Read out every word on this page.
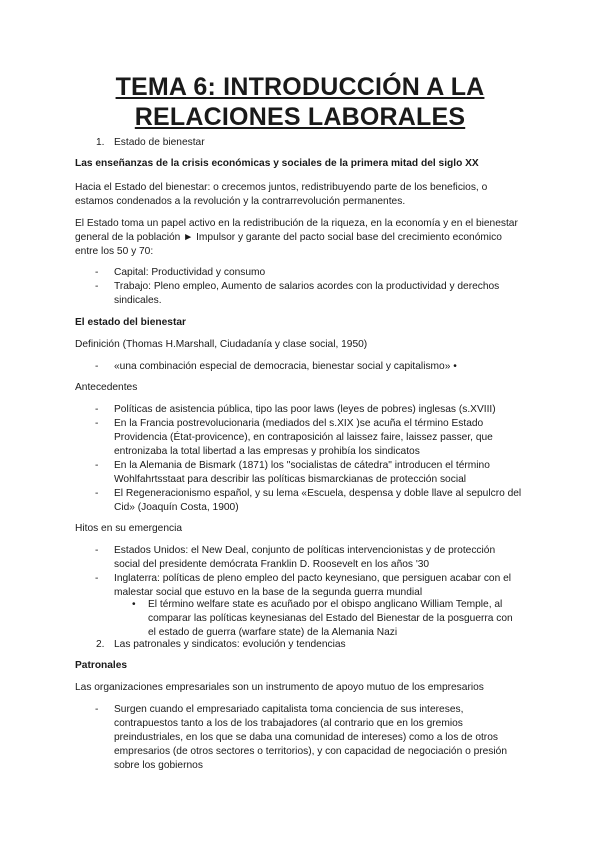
TEMA 6: INTRODUCCIÓN A LA
RELACIONES LABORALES
1. Estado de bienestar
Las enseñanzas de la crisis económicas y sociales de la primera mitad del siglo XX
Hacia el Estado del bienestar: o crecemos juntos, redistribuyendo parte de los beneficios, o
estamos condenados a la revolución y la contrarrevolución permanentes.
El Estado toma un papel activo en la redistribución de la riqueza, en la economía y en el bienestar
general de la población ► Impulsor y garante del pacto social base del crecimiento económico
entre los 50 y 70:
- Capital: Productividad y consumo
- Trabajo: Pleno empleo, Aumento de salarios acordes con la productividad y derechos
sindicales.
El estado del bienestar
Definición (Thomas H.Marshall, Ciudadanía y clase social, 1950)
- «una combinación especial de democracia, bienestar social y capitalismo» •
Antecedentes
- Políticas de asistencia pública, tipo las poor laws (leyes de pobres) inglesas (s.XVIII)
- En la Francia postrevolucionaria (mediados del s.XIX )se acuña el término Estado
Providencia (État-provicence), en contraposición al laissez faire, laissez passer, que
entronizaba la total libertad a las empresas y prohibía los sindicatos
- En la Alemania de Bismark (1871) los "socialistas de cátedra" introducen el término
Wohlfahrtsstaat para describir las políticas bismarckianas de protección social
- El Regeneracionismo español, y su lema «Escuela, despensa y doble llave al sepulcro del
Cid» (Joaquín Costa, 1900)
Hitos en su emergencia
- Estados Unidos: el New Deal, conjunto de políticas intervencionistas y de protección
social del presidente demócrata Franklin D. Roosevelt en los años '30
- Inglaterra: políticas de pleno empleo del pacto keynesiano, que persiguen acabar con el
malestar social que estuvo en la base de la segunda guerra mundial
• El término welfare state es acuñado por el obispo anglicano William Temple, al
comparar las políticas keynesianas del Estado del Bienestar de la posguerra con
el estado de guerra (warfare state) de la Alemania Nazi
2. Las patronales y sindicatos: evolución y tendencias
Patronales
Las organizaciones empresariales son un instrumento de apoyo mutuo de los empresarios
- Surgen cuando el empresariado capitalista toma conciencia de sus intereses,
contrapuestos tanto a los de los trabajadores (al contrario que en los gremios
preindustriales, en los que se daba una comunidad de intereses) como a los de otros
empresarios (de otros sectores o territorios), y con capacidad de negociación o presión
sobre los gobiernos
